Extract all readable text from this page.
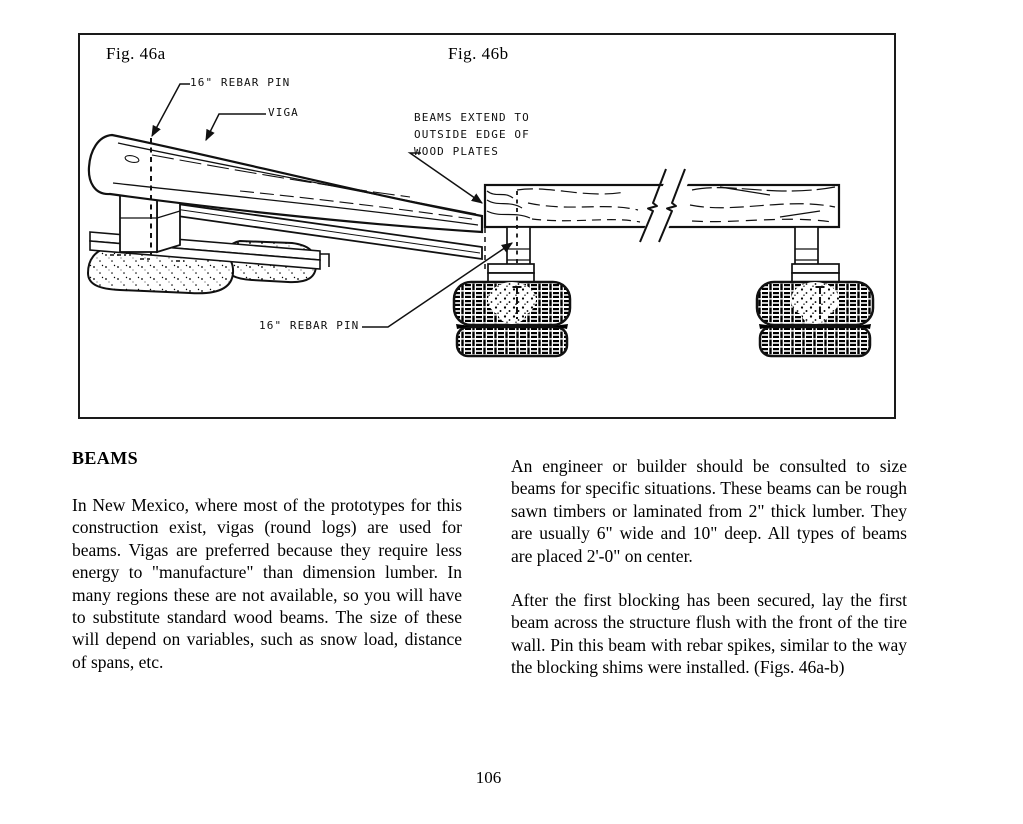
Fig. 46a	Fig. 46b
16" REBAR PIN
VIGA	BEAMS EXTEND TO
OUTSIDE EDGE OF
WOOD PLATES
16" REBAR PIN
BEAMS

In New Mexico, where most of the prototypes for this construction exist, vigas (round logs) are used for beams. Vigas are preferred because they require less energy to "manufacture" than dimension lumber. In many regions these are not available, so you will have to substitute standard wood beams. The size of these will depend on variables, such as snow load, distance of spans, etc.

An engineer or builder should be consulted to size beams for specific situations. These beams can be rough sawn timbers or laminated from 2" thick lumber. They are usually 6" wide and 10" deep. All types of beams are placed 2'-0" on center.

After the first blocking has been secured, lay the first beam across the structure flush with the front of the tire wall. Pin this beam with rebar spikes, similar to the way the blocking shims were installed. (Figs. 46a-b)

106
